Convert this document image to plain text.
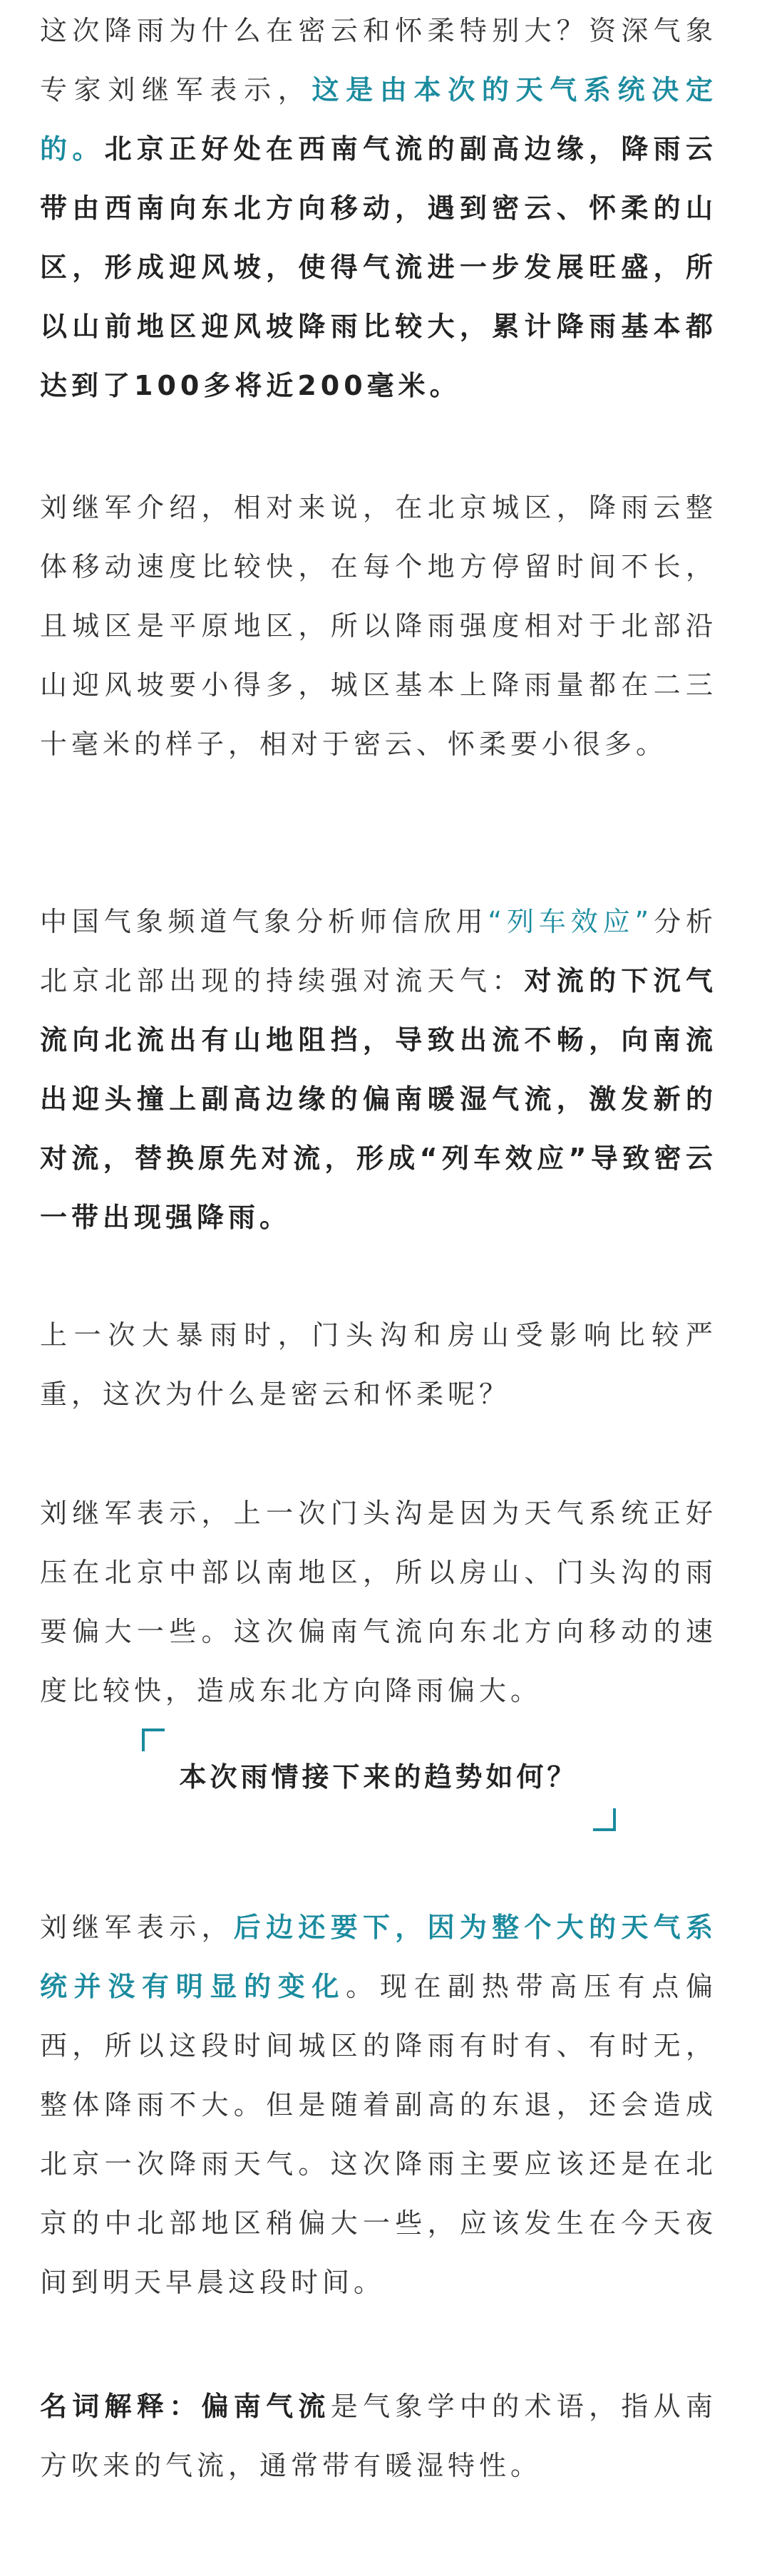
这次降雨为什么在密云和怀柔特别大？资深气象专家刘继军表示，这是由本次的天气系统决定的。北京正好处在西南气流的副高边缘，降雨云带由西南向东北方向移动，遇到密云、怀柔的山区，形成迎风坡，使得气流进一步发展旺盛，所以山前地区迎风坡降雨比较大，累计降雨基本都达到了100多将近200毫米。

刘继军介绍，相对来说，在北京城区，降雨云整体移动速度比较快，在每个地方停留时间不长，且城区是平原地区，所以降雨强度相对于北部沿山迎风坡要小得多，城区基本上降雨量都在二三十毫米的样子，相对于密云、怀柔要小很多。

中国气象频道气象分析师信欣用“列车效应”分析北京北部出现的持续强对流天气：对流的下沉气流向北流出有山地阻挡，导致出流不畅，向南流出迎头撞上副高边缘的偏南暖湿气流，激发新的对流，替换原先对流，形成“列车效应”导致密云一带出现强降雨。

上一次大暴雨时，门头沟和房山受影响比较严重，这次为什么是密云和怀柔呢？

刘继军表示，上一次门头沟是因为天气系统正好压在北京中部以南地区，所以房山、门头沟的雨要偏大一些。这次偏南气流向东北方向移动的速度比较快，造成东北方向降雨偏大。

本次雨情接下来的趋势如何？

刘继军表示，后边还要下，因为整个大的天气系统并没有明显的变化。现在副热带高压有点偏西，所以这段时间城区的降雨有时有、有时无，整体降雨不大。但是随着副高的东退，还会造成北京一次降雨天气。这次降雨主要应该还是在北京的中北部地区稍偏大一些，应该发生在今天夜间到明天早晨这段时间。

名词解释：偏南气流是气象学中的术语，指从南方吹来的气流，通常带有暖湿特性。
